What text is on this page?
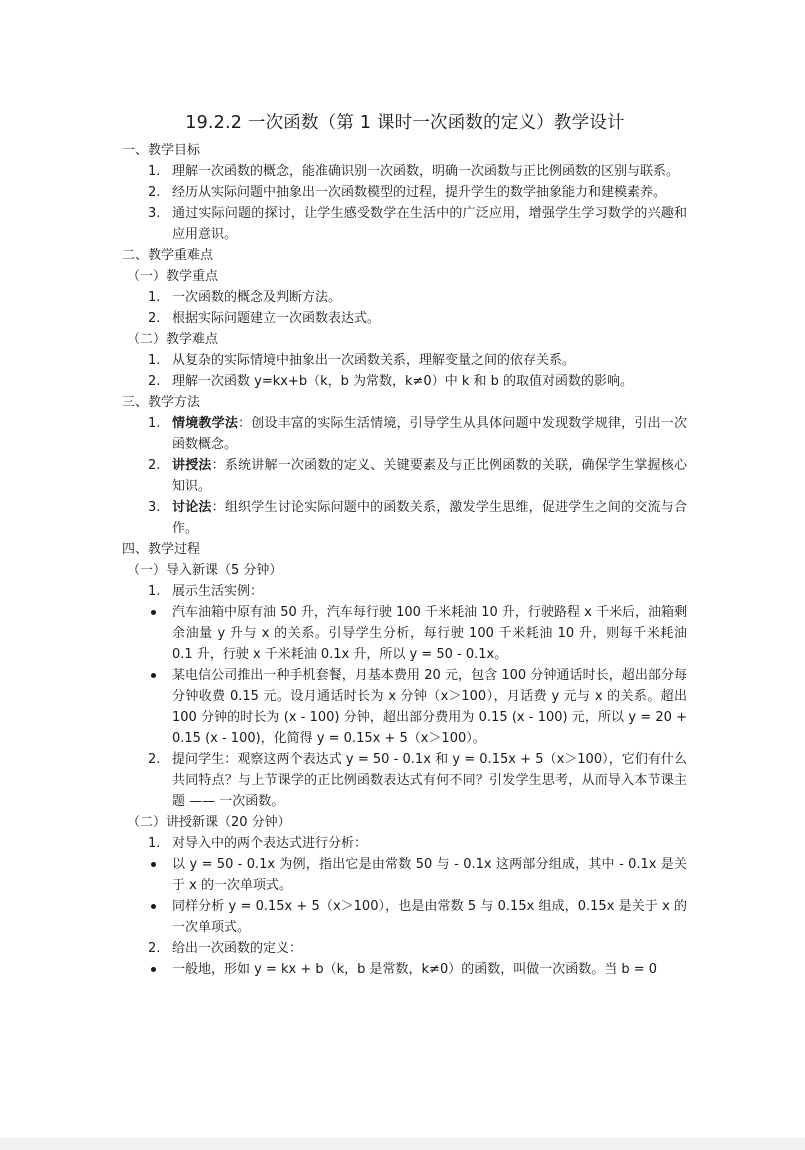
19.2.2 一次函数（第 1 课时一次函数的定义）教学设计
一、教学目标
1. 理解一次函数的概念，能准确识别一次函数，明确一次函数与正比例函数的区别与联系。
2. 经历从实际问题中抽象出一次函数模型的过程，提升学生的数学抽象能力和建模素养。
3. 通过实际问题的探讨，让学生感受数学在生活中的广泛应用，增强学生学习数学的兴趣和应用意识。
二、教学重难点
（一）教学重点
1. 一次函数的概念及判断方法。
2. 根据实际问题建立一次函数表达式。
（二）教学难点
1. 从复杂的实际情境中抽象出一次函数关系，理解变量之间的依存关系。
2. 理解一次函数 y=kx+b（k，b 为常数，k≠0）中 k 和 b 的取值对函数的影响。
三、教学方法
1. 情境教学法：创设丰富的实际生活情境，引导学生从具体问题中发现数学规律，引出一次函数概念。
2. 讲授法：系统讲解一次函数的定义、关键要素及与正比例函数的关联，确保学生掌握核心知识。
3. 讨论法：组织学生讨论实际问题中的函数关系，激发学生思维，促进学生之间的交流与合作。
四、教学过程
（一）导入新课（5 分钟）
1. 展示生活实例：
汽车油箱中原有油 50 升，汽车每行驶 100 千米耗油 10 升，行驶路程 x 千米后，油箱剩余油量 y 升与 x 的关系。引导学生分析，每行驶 100 千米耗油 10 升，则每千米耗油 0.1 升，行驶 x 千米耗油 0.1x 升，所以 y = 50 - 0.1x。
某电信公司推出一种手机套餐，月基本费用 20 元，包含 100 分钟通话时长，超出部分每分钟收费 0.15 元。设月通话时长为 x 分钟（x＞100），月话费 y 元与 x 的关系。超出 100 分钟的时长为 (x - 100) 分钟，超出部分费用为 0.15 (x - 100) 元，所以 y = 20 + 0.15 (x - 100)，化简得 y = 0.15x + 5（x＞100）。
2. 提问学生：观察这两个表达式 y = 50 - 0.1x 和 y = 0.15x + 5（x＞100），它们有什么共同特点？与上节课学的正比例函数表达式有何不同？引发学生思考，从而导入本节课主题 —— 一次函数。
（二）讲授新课（20 分钟）
1. 对导入中的两个表达式进行分析：
以 y = 50 - 0.1x 为例，指出它是由常数 50 与 - 0.1x 这两部分组成，其中 - 0.1x 是关于 x 的一次单项式。
同样分析 y = 0.15x + 5（x＞100），也是由常数 5 与 0.15x 组成，0.15x 是关于 x 的一次单项式。
2. 给出一次函数的定义：
一般地，形如 y = kx + b（k，b 是常数，k≠0）的函数，叫做一次函数。当 b = 0
